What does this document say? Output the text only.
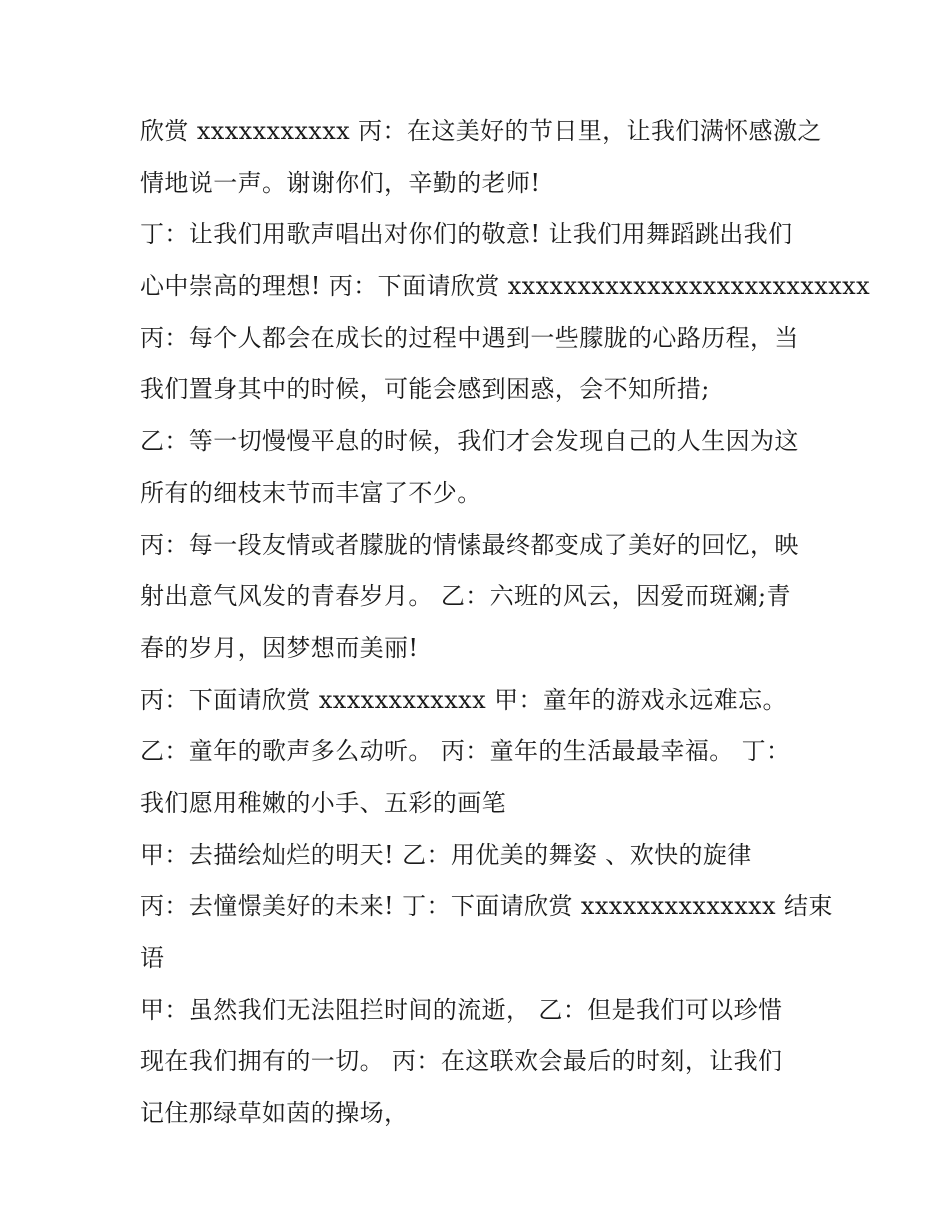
欣赏 xxxxxxxxxxx 丙：在这美好的节日里，让我们满怀感激之
情地说一声。谢谢你们，辛勤的老师!
丁：让我们用歌声唱出对你们的敬意! 让我们用舞蹈跳出我们
心中崇高的理想! 丙：下面请欣赏 xxxxxxxxxxxxxxxxxxxxxxxxxx
丙：每个人都会在成长的过程中遇到一些朦胧的心路历程，当
我们置身其中的时候，可能会感到困惑，会不知所措;
乙：等一切慢慢平息的时候，我们才会发现自己的人生因为这
所有的细枝末节而丰富了不少。
丙：每一段友情或者朦胧的情愫最终都变成了美好的回忆，映
射出意气风发的青春岁月。 乙：六班的风云，因爱而斑斓;青
春的岁月，因梦想而美丽!
丙：下面请欣赏 xxxxxxxxxxxx 甲：童年的游戏永远难忘。
乙：童年的歌声多么动听。 丙：童年的生活最最幸福。 丁：
我们愿用稚嫩的小手、五彩的画笔
甲：去描绘灿烂的明天! 乙：用优美的舞姿 、欢快的旋律
丙：去憧憬美好的未来! 丁：下面请欣赏 xxxxxxxxxxxxxx 结束
语
甲：虽然我们无法阻拦时间的流逝， 乙：但是我们可以珍惜
现在我们拥有的一切。 丙：在这联欢会最后的时刻，让我们
记住那绿草如茵的操场，
